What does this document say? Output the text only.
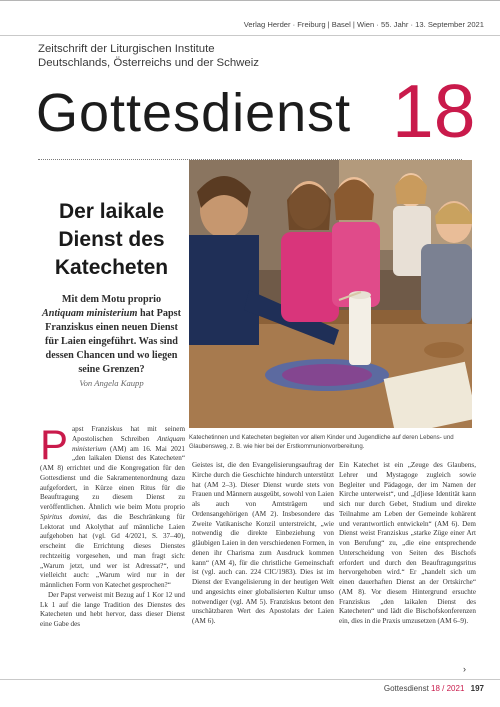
Verlag Herder · Freiburg | Basel | Wien · 55. Jahr · 13. September 2021
Zeitschrift der Liturgischen Institute
Deutschlands, Österreichs und der Schweiz
Gottesdienst 18
Der laikale
Dienst des
Katecheten
Mit dem Motu proprio
Antiquam ministerium hat Papst Franziskus einen neuen Dienst für Laien eingeführt. Was sind dessen Chancen und wo liegen seine Grenzen?
Von Angela Kaupp
Katechetinnen und Katecheten begleiten vor allem Kinder und Jugendliche auf deren Lebens- und Glaubensweg, z. B. wie hier bei der Erstkommunionvorbereitung.

Papst Franziskus hat mit seinem Apostolischen Schreiben Antiquam ministerium (AM) am 16. Mai 2021 „den laikalen Dienst des Katecheten“ (AM 8) errichtet und die Kongregation für den Gottesdienst und die Sakramentenordnung dazu aufgefordert, in Kürze einen Ritus für die Beauftragung zu diesem Dienst zu veröffentlichen. Ähnlich wie beim Motu proprio Spiritus domini, das die Beschränkung für Lektorat und Akolythat auf männliche Laien aufgehoben hat (vgl. Gd 4/2021, S. 37–40), erscheint die Errichtung dieses Dienstes rechtzeitig vorgesehen, und man fragt sich: „Warum jetzt, und wer ist Adressat?“, und vielleicht auch: „Warum wird nur in der männlichen Form von Katechet gesprochen?“

Der Papst verweist mit Bezug auf 1 Kor 12 und Lk 1 auf die lange Tradition des Dienstes des Katecheten und hebt hervor, dass dieser Dienst eine Gabe des

Geistes ist, die den Evangelisierungsauftrag der Kirche durch die Geschichte hindurch unterstützt hat (AM 2–3). Dieser Dienst wurde stets von Frauen und Männern ausgeübt, sowohl von Laien als auch von Amtsträgern und Ordensangehörigen (AM 2). Insbesondere das Zweite Vatikanische Konzil unterstreicht, „wie notwendig die direkte Einbeziehung von gläubigen Laien in den verschiedenen Formen, in denen ihr Charisma zum Ausdruck kommen kann“ (AM 4), für die christliche Gemeinschaft ist (vgl. auch can. 224 CIC/1983). Dies ist im Dienst der Evangelisierung in der heutigen Welt und angesichts einer globalisierten Kultur umso notwendiger (vgl. AM 5). Franziskus betont den unschätzbaren Wert des Apostolats der Laien (AM 6).

Ein Katechet ist ein „Zeuge des Glaubens, Lehrer und Mystagoge zugleich sowie Begleiter und Pädagoge, der im Namen der Kirche unterweist“, und „[d]iese Identität kann sich nur durch Gebet, Studium und direkte Teilnahme am Leben der Gemeinde kohärent und verantwortlich entwickeln“ (AM 6). Dem Dienst weist Franziskus „starke Züge einer Art von Berufung“ zu, „die eine entsprechende Unterscheidung von Seiten des Bischofs erfordert und durch den Beauftragungsritus hervorgehoben wird.“ Er „handelt sich um einen dauerhaften Dienst an der Ortskirche“ (AM 8). Vor diesem Hintergrund ersuchte Franziskus „den laikalen Dienst des Katecheten“ und lädt die Bischofskonferenzen ein, dies in die Praxis umzusetzen (AM 6–9).

›
Gottesdienst 18 / 2021 197
